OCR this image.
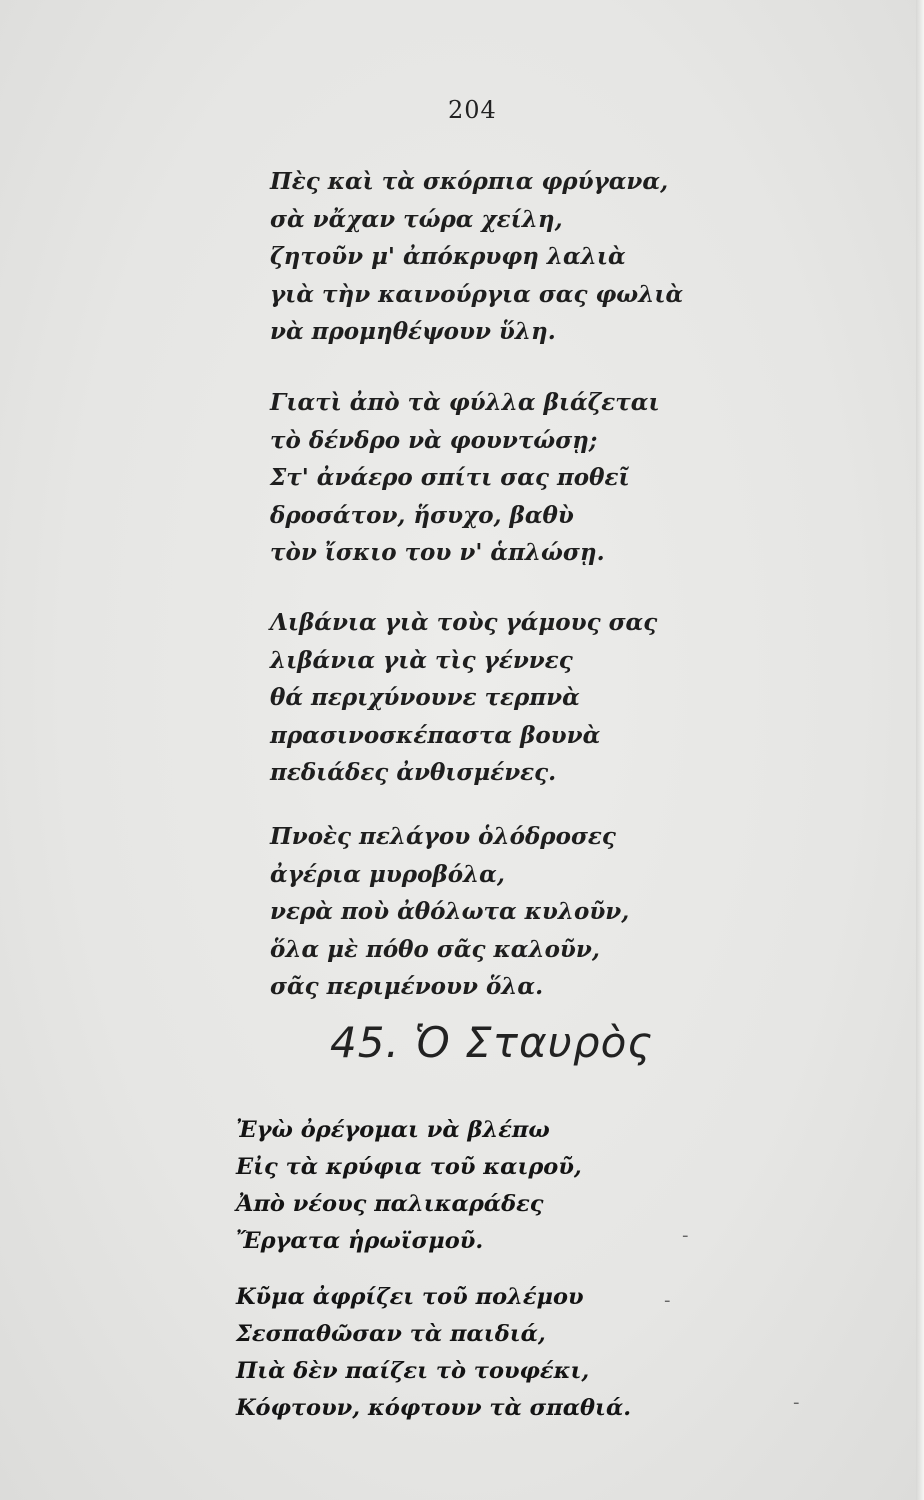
204
Πὲς καὶ τὰ σκόρπια φρύγανα,
σὰ νἄχαν τώρα χείλη,
ζητοῦν μ' ἀπόκρυφη λαλιὰ
γιὰ τὴν καινούργια σας φωλιὰ
νὰ προμηθέψουν ὕλη.
Γιατὶ ἀπὸ τὰ φύλλα βιάζεται
τὸ δένδρο νὰ φουντώσῃ;
Στ' ἀνάερο σπίτι σας ποθεῖ
δροσάτον, ἥσυχο, βαθὺ
τὸν ἴσκιο του ν' ἁπλώσῃ.
Λιβάνια γιὰ τοὺς γάμους σας
λιβάνια γιὰ τὶς γέννες
θά περιχύνουνε τερπνὰ
πρασινοσκέπαστα βουνὰ
πεδιάδες ἀνθισμένες.
Πνοὲς πελάγου ὁλόδροσες
ἀγέρια μυροβόλα,
νερὰ ποὺ ἀθόλωτα κυλοῦν,
ὅλα μὲ πόθο σᾶς καλοῦν,
σᾶς περιμένουν ὅλα.
45. Ὁ Σταυρὸς
Ἐγὼ ὀρέγομαι νὰ βλέπω
Εἰς τὰ κρύφια τοῦ καιροῦ,
Ἀπὸ νέους παλικαράδες
Ἔργατα ἡρωϊσμοῦ.
Κῦμα ἀφρίζει τοῦ πολέμου
Σεσπαθῶσαν τὰ παιδιά,
Πιὰ δὲν παίζει τὸ τουφέκι,
Κόφτουν, κόφτουν τὰ σπαθιά.
-
-
-
